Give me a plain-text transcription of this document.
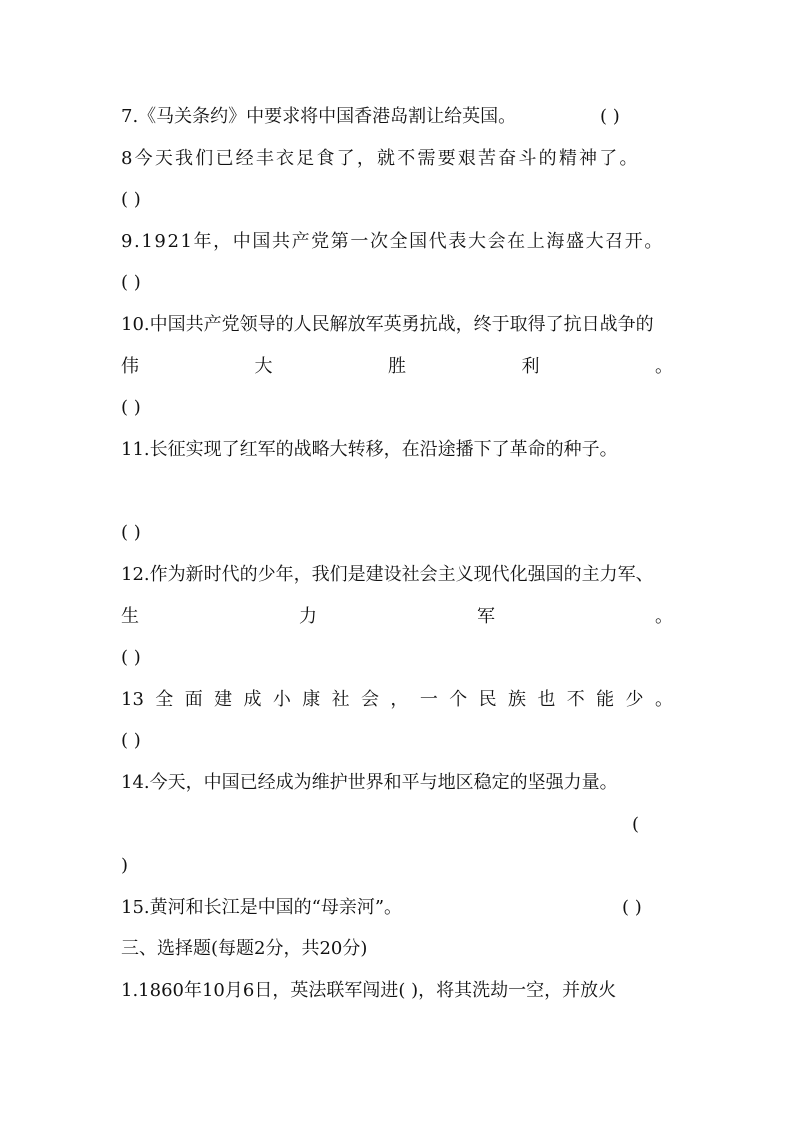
7.《马关条约》中要求将中国香港岛割让给英国。	( )
8今天我们已经丰衣足食了，就不需要艰苦奋斗的精神了。
( )
9.1921年，中国共产党第一次全国代表大会在上海盛大召开。
( )
10.中国共产党领导的人民解放军英勇抗战，终于取得了抗日战争的
伟	大	胜	利	。
( )
11.长征实现了红军的战略大转移，在沿途播下了革命的种子。
( )
12.作为新时代的少年，我们是建设社会主义现代化强国的主力军、
生	力	军	。
( )
13 全 面 建 成 小 康 社 会 ， 一 个 民 族 也 不 能 少 。
( )
14.今天，中国已经成为维护世界和平与地区稳定的坚强力量。
(
)
15.黄河和长江是中国的“母亲河”。	( )
三、选择题(每题2分，共20分)
1.1860年10月6日，英法联军闯进( )，将其洗劫一空，并放火
